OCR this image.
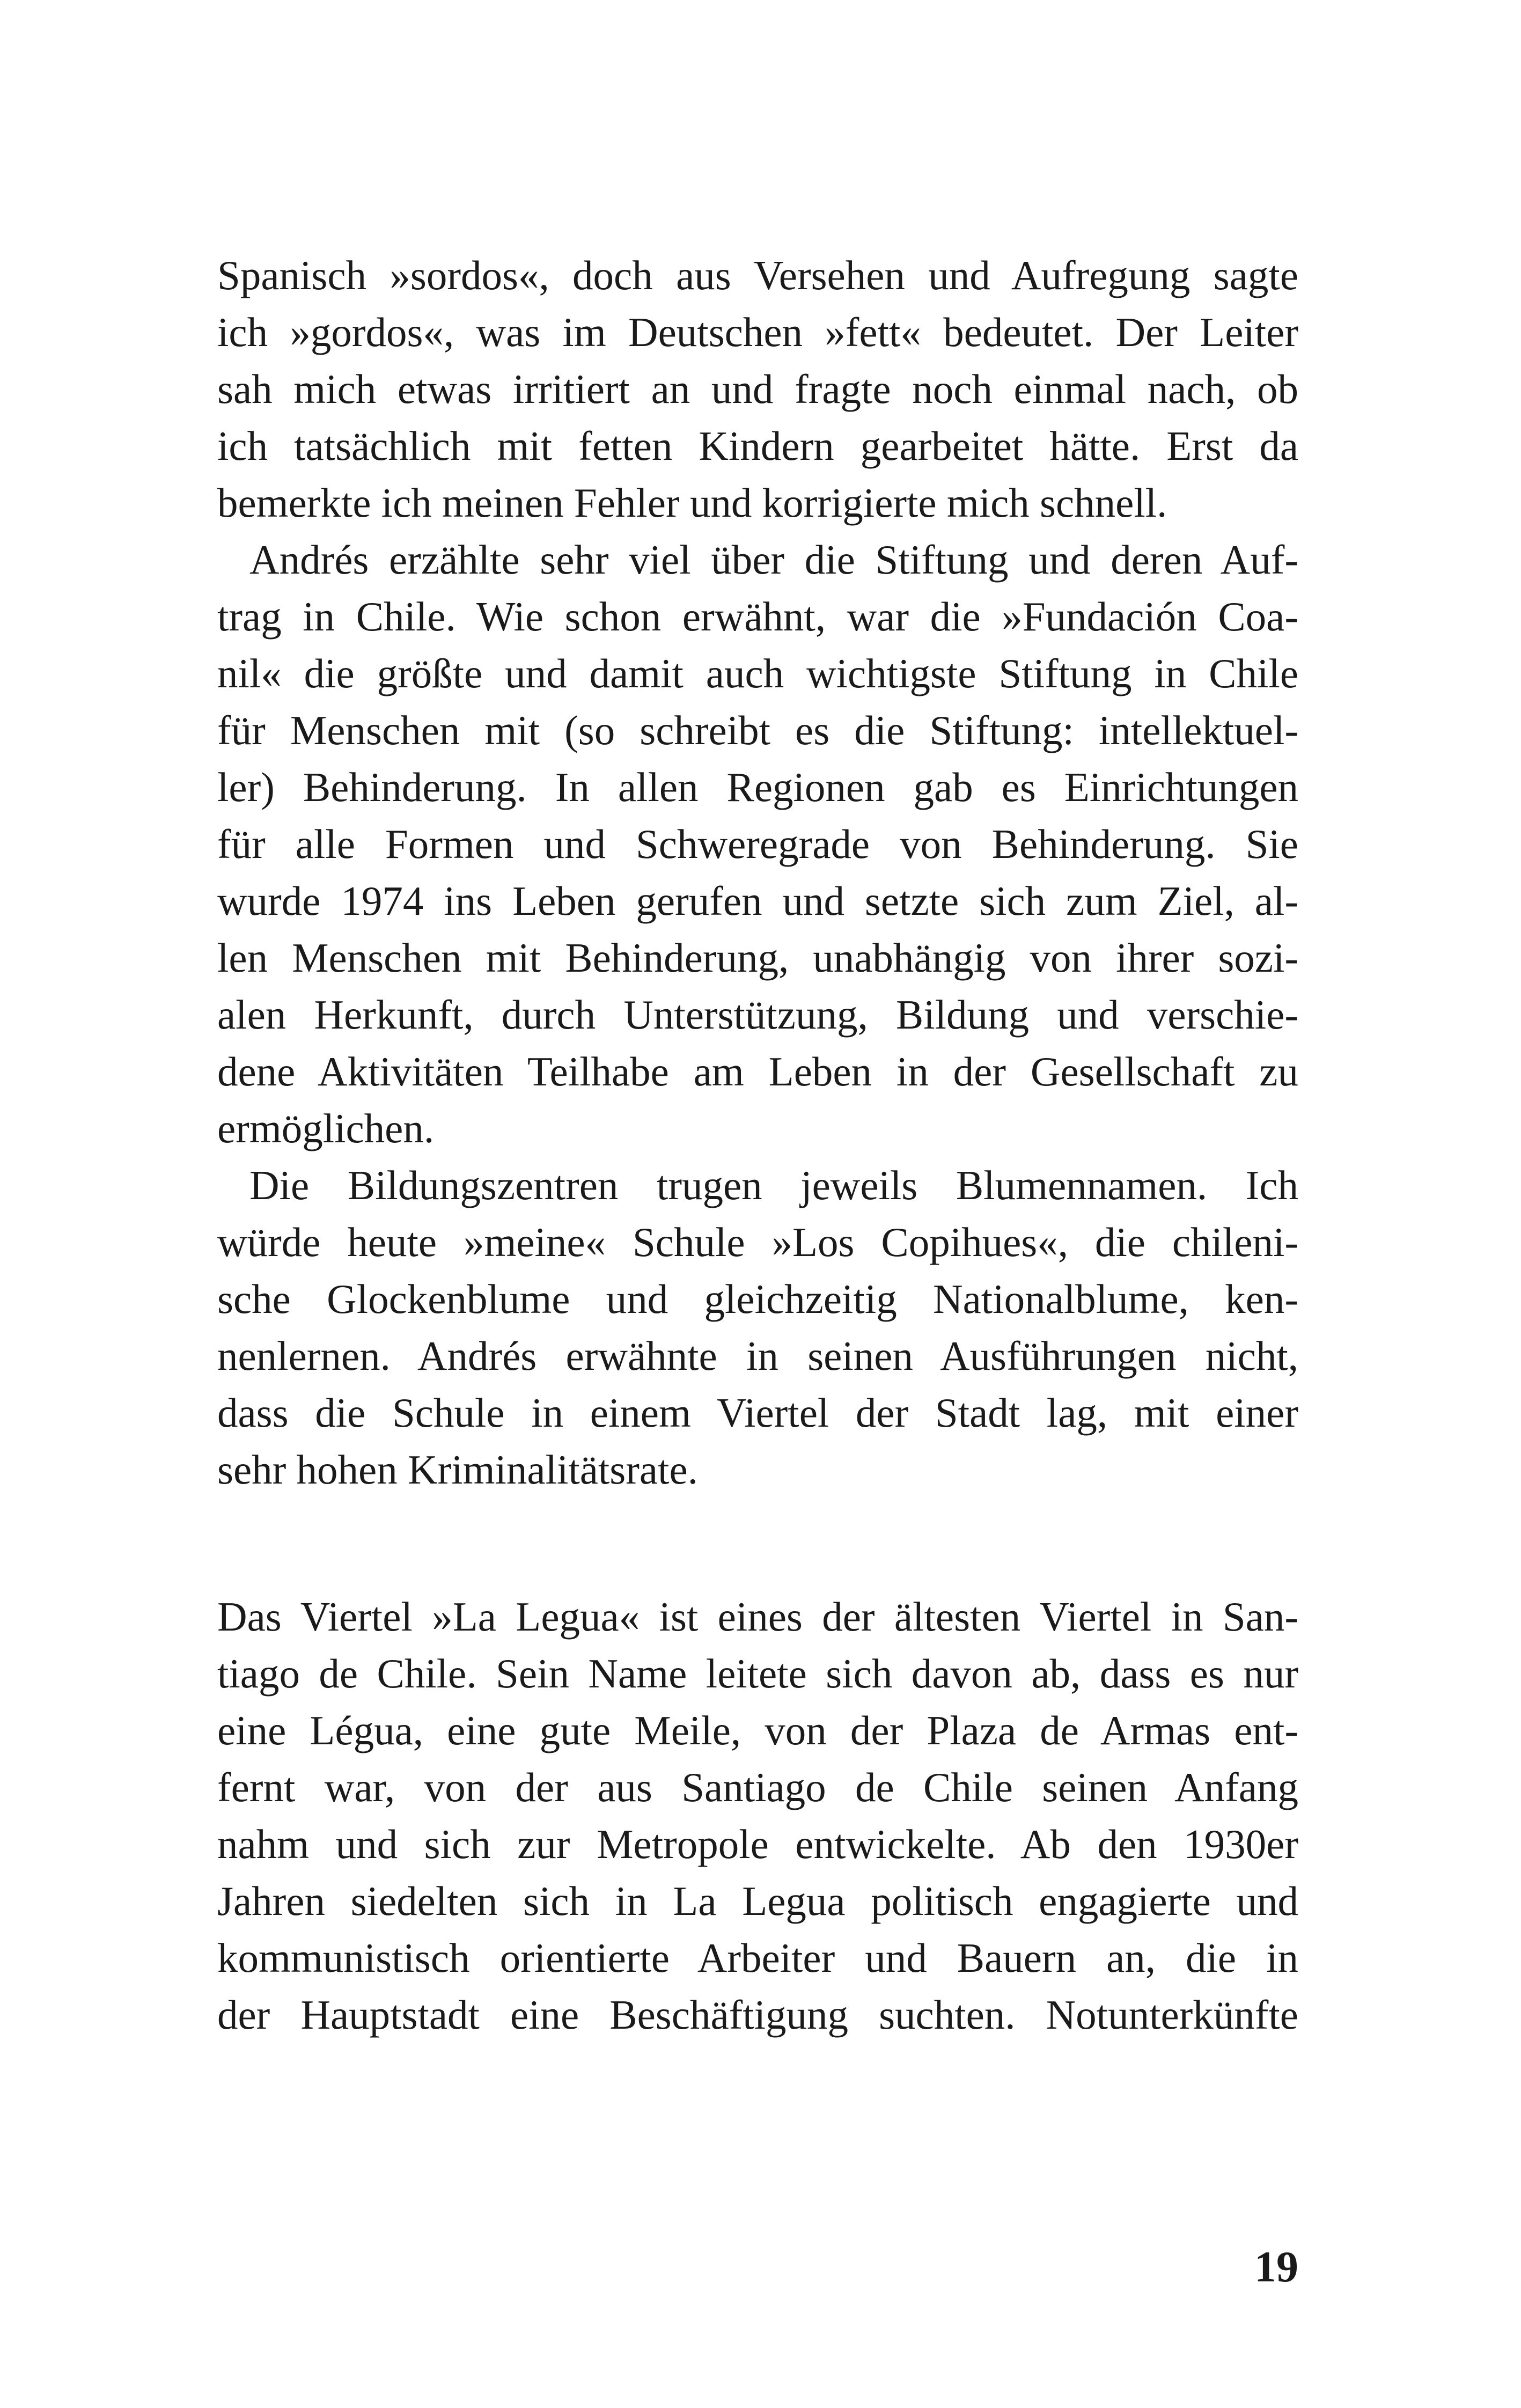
Spanisch »sordos«, doch aus Versehen und Aufregung sagte
ich »gordos«, was im Deutschen »fett« bedeutet. Der Leiter
sah mich etwas irritiert an und fragte noch einmal nach, ob
ich tatsächlich mit fetten Kindern gearbeitet hätte. Erst da
bemerkte ich meinen Fehler und korrigierte mich schnell.
Andrés erzählte sehr viel über die Stiftung und deren Auf-
trag in Chile. Wie schon erwähnt, war die »Fundación Coa-
nil« die größte und damit auch wichtigste Stiftung in Chile
für Menschen mit (so schreibt es die Stiftung: intellektuel-
ler) Behinderung. In allen Regionen gab es Einrichtungen
für alle Formen und Schweregrade von Behinderung. Sie
wurde 1974 ins Leben gerufen und setzte sich zum Ziel, al-
len Menschen mit Behinderung, unabhängig von ihrer sozi-
alen Herkunft, durch Unterstützung, Bildung und verschie-
dene Aktivitäten Teilhabe am Leben in der Gesellschaft zu
ermöglichen.
Die Bildungszentren trugen jeweils Blumennamen. Ich
würde heute »meine« Schule »Los Copihues«, die chileni-
sche Glockenblume und gleichzeitig Nationalblume, ken-
nenlernen. Andrés erwähnte in seinen Ausführungen nicht,
dass die Schule in einem Viertel der Stadt lag, mit einer
sehr hohen Kriminalitätsrate.
Das Viertel »La Legua« ist eines der ältesten Viertel in San-
tiago de Chile. Sein Name leitete sich davon ab, dass es nur
eine Légua, eine gute Meile, von der Plaza de Armas ent-
fernt war, von der aus Santiago de Chile seinen Anfang
nahm und sich zur Metropole entwickelte. Ab den 1930er
Jahren siedelten sich in La Legua politisch engagierte und
kommunistisch orientierte Arbeiter und Bauern an, die in
der Hauptstadt eine Beschäftigung suchten. Notunterkünfte
19
